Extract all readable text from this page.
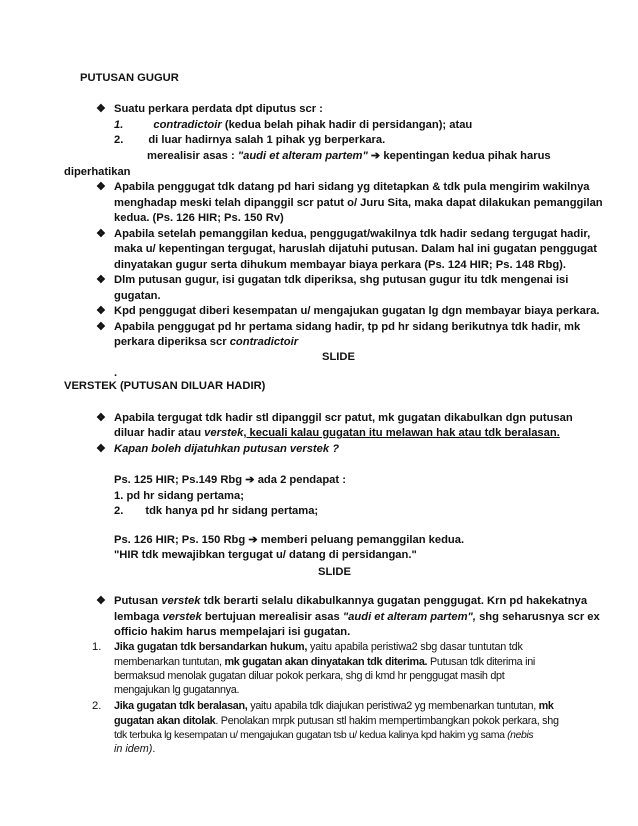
PUTUSAN GUGUR
❖ Suatu perkara perdata dpt diputus scr :
1.	contradictoir (kedua belah pihak hadir di persidangan); atau
2. di luar hadirnya salah 1 pihak yg berperkara.
merealisir asas : "audi et alteram partem" ➔ kepentingan kedua pihak harus
diperhatikan
❖ Apabila penggugat tdk datang pd hari sidang yg ditetapkan & tdk pula mengirim wakilnya
menghadap meski telah dipanggil scr patut o/ Juru Sita, maka dapat dilakukan pemanggilan
kedua. (Ps. 126 HIR; Ps. 150 Rv)
❖ Apabila setelah pemanggilan kedua, penggugat/wakilnya tdk hadir sedang tergugat hadir,
maka u/ kepentingan tergugat, haruslah dijatuhi putusan. Dalam hal ini gugatan penggugat
dinyatakan gugur serta dihukum membayar biaya perkara (Ps. 124 HIR; Ps. 148 Rbg).
❖ Dlm putusan gugur, isi gugatan tdk diperiksa, shg putusan gugur itu tdk mengenai isi
gugatan.
❖ Kpd penggugat diberi kesempatan u/ mengajukan gugatan lg dgn membayar biaya perkara.
❖ Apabila penggugat pd hr pertama sidang hadir, tp pd hr sidang berikutnya tdk hadir, mk
perkara diperiksa scr contradictoir
SLIDE
.
VERSTEK (PUTUSAN DILUAR HADIR)
❖ Apabila tergugat tdk hadir stl dipanggil scr patut, mk gugatan dikabulkan dgn putusan
diluar hadir atau verstek, kecuali kalau gugatan itu melawan hak atau tdk beralasan.
❖ Kapan boleh dijatuhkan putusan verstek ?
Ps. 125 HIR; Ps.149 Rbg ➔ ada 2 pendapat :
1. pd hr sidang pertama;
2. tdk hanya pd hr sidang pertama;
Ps. 126 HIR; Ps. 150 Rbg ➔ memberi peluang pemanggilan kedua.
"HIR tdk mewajibkan tergugat u/ datang di persidangan."
SLIDE
❖ Putusan verstek tdk berarti selalu dikabulkannya gugatan penggugat. Krn pd hakekatnya
lembaga verstek bertujuan merealisir asas "audi et alteram partem", shg seharusnya scr ex
officio hakim harus mempelajari isi gugatan.
1. Jika gugatan tdk bersandarkan hukum, yaitu apabila peristiwa2 sbg dasar tuntutan tdk
membenarkan tuntutan, mk gugatan akan dinyatakan tdk diterima. Putusan tdk diterima ini
bermaksud menolak gugatan diluar pokok perkara, shg di kmd hr penggugat masih dpt
mengajukan lg gugatannya.
2. Jika gugatan tdk beralasan, yaitu apabila tdk diajukan peristiwa2 yg membenarkan tuntutan, mk
gugatan akan ditolak. Penolakan mrpk putusan stl hakim mempertimbangkan pokok perkara, shg
tdk terbuka lg kesempatan u/ mengajukan gugatan tsb u/ kedua kalinya kpd hakim yg sama (nebis
in idem).
